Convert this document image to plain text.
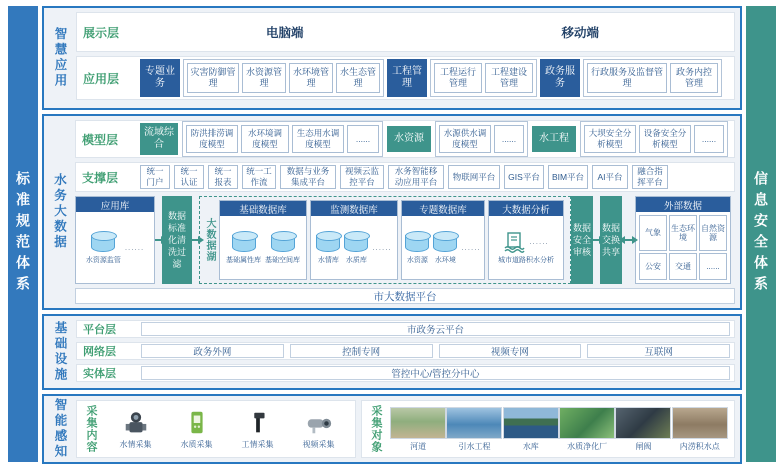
标准规范体系	信息安全体系
智慧应用 展示层	电脑端	移动端
应用层
专题业务
灾害防御管理
水资源管理
水环境管理
水生态管理
工程管理
工程运行管理
工程建设管理
政务服务
行政服务及监督管理
政务内控管理
水务大数据
模型层
流域综合
防洪排涝调度模型
水环境调度模型
生态用水调度模型
......	水资源	水源供水调度模型
......	水工程	大坝安全分析模型
设备安全分析模型
......
支撑层	统一门户
统一认证
统一报表
统一工作流
数据与业务集成平台
视频云监控平台
水务智能移动应用平台
物联网平台	GIS平台	BIM平台	AI平台
融合指挥平台
应用库
水资源监管
......
数据标准化清洗过滤
大数据湖
基础数据库
基础属性库 基础空间库
监测数据库
水情库 水质库
......
专题数据库
水资源 水环境
......
大数据分析
......
城市道路积水分析
数据安全审核
数据交换共享
外部数据
气象
生态环境
自然资源
公安	交通	......
市大数据平台
基础设施 平台层	市政务云平台
网络层	政务外网	控制专网	视频专网	互联网
实体层	管控中心/管控分中心
智能感知 采集内容	水情采集	水质采集	工情采集	视频采集	采集对象	河道	引水工程	水库	水质净化厂	闸阀	内涝积水点
